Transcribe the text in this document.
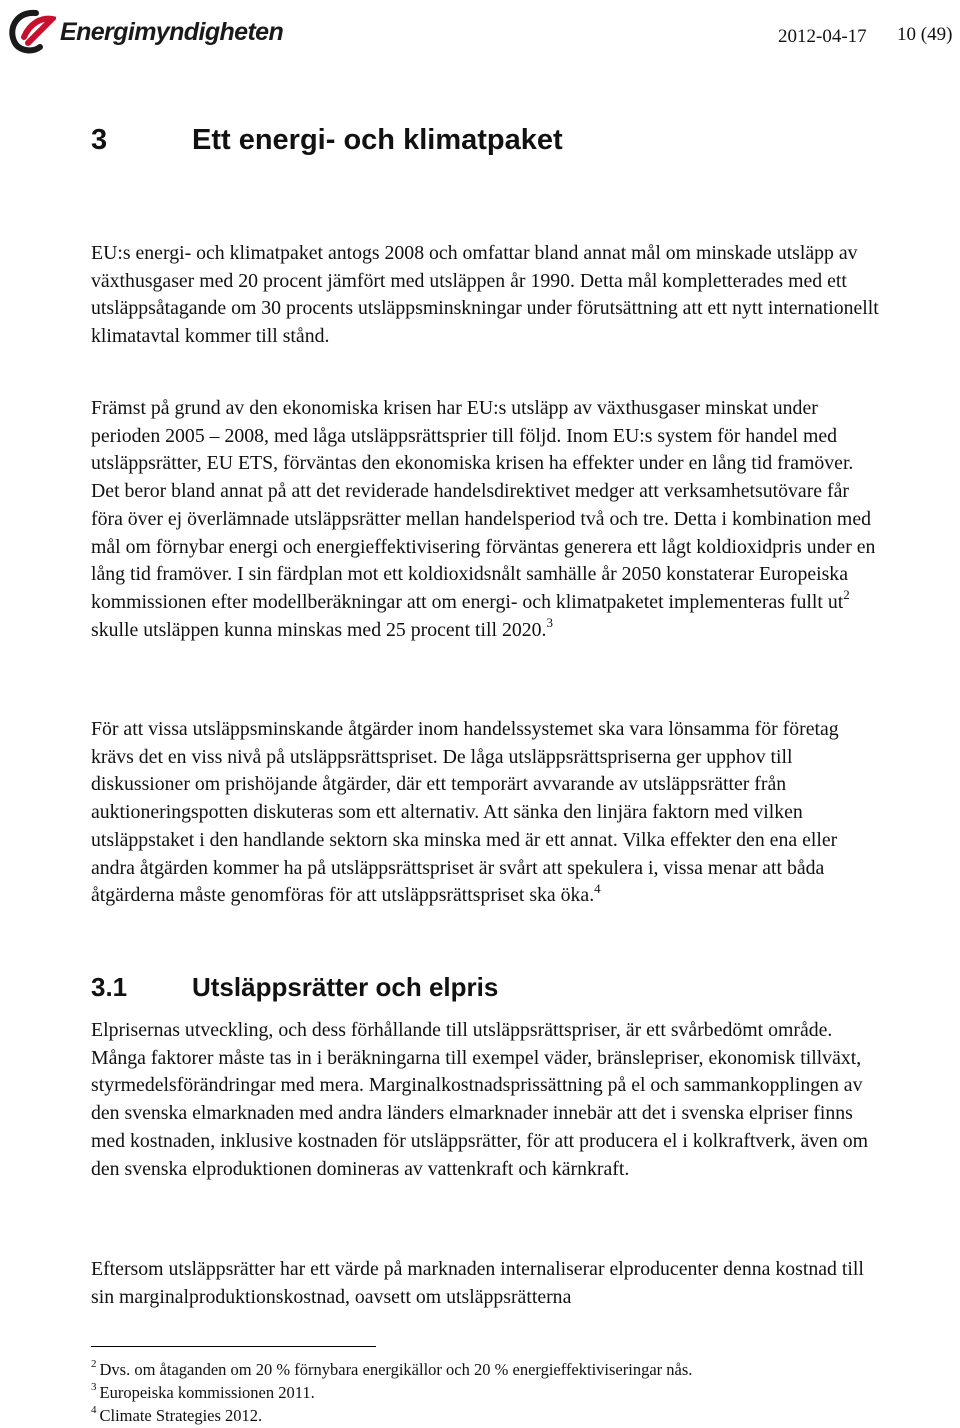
Energimyndigheten	2012-04-17 10 (49)
3	Ett energi- och klimatpaket

EU:s energi- och klimatpaket antogs 2008 och omfattar bland annat mål om minskade utsläpp av växthusgaser med 20 procent jämfört med utsläppen år 1990. Detta mål kompletterades med ett utsläppsåtagande om 30 procents utsläppsminskningar under förutsättning att ett nytt internationellt klimatavtal kommer till stånd.

Främst på grund av den ekonomiska krisen har EU:s utsläpp av växthusgaser minskat under perioden 2005 – 2008, med låga utsläppsrättsprier till följd. Inom EU:s system för handel med utsläppsrätter, EU ETS, förväntas den ekonomiska krisen ha effekter under en lång tid framöver. Det beror bland annat på att det reviderade handelsdirektivet medger att verksamhetsutövare får föra över ej överlämnade utsläppsrätter mellan handelsperiod två och tre. Detta i kombination med mål om förnybar energi och energieffektivisering förväntas generera ett lågt koldioxidpris under en lång tid framöver. I sin färdplan mot ett koldioxidsnålt samhälle år 2050 konstaterar Europeiska kommissionen efter modellberäkningar att om energi- och klimatpaketet implementeras fullt $ut^2$ skulle utsläppen kunna minskas med 25 procent till 2020.$^3$

För att vissa utsläppsminskande åtgärder inom handelssystemet ska vara lönsamma för företag krävs det en viss nivå på utsläppsrättspriset. De låga utsläppsrättspriserna ger upphov till diskussioner om prishöjande åtgärder, där ett temporärt avvarande av utsläppsrätter från auktioneringspotten diskuteras som ett alternativ. Att sänka den linjära faktorn med vilken utsläppstaket i den handlande sektorn ska minska med är ett annat. Vilka effekter den ena eller andra åtgärden kommer ha på utsläppsrättspriset är svårt att spekulera i, vissa menar att båda åtgärderna måste genomföras för att utsläppsrättspriset ska öka.$^4$

3.1 Utsläppsrätter och elpris

Elprisernas utveckling, och dess förhållande till utsläppsrättspriser, är ett svårbedömt område. Många faktorer måste tas in i beräkningarna till exempel väder, bränslepriser, ekonomisk tillväxt, styrmedelsförändringar med mera. Marginalkostnadsprissättning på el och sammankopplingen av den svenska elmarknaden med andra länders elmarknader innebär att det i svenska elpriser finns med kostnaden, inklusive kostnaden för utsläppsrätter, för att producera el i kolkraftverk, även om den svenska elproduktionen domineras av vattenkraft och kärnkraft.

Eftersom utsläppsrätter har ett värde på marknaden internaliserar elproducenter denna kostnad till sin marginalproduktionskostnad, oavsett om utsläppsrätterna

$^2$ Dvs. om åtaganden om 20 % förnybara energikällor och 20 % energieffektiviseringar nås.

$^3$ Europeiska kommissionen 2011.

$^4$ Climate Strategies 2012.
